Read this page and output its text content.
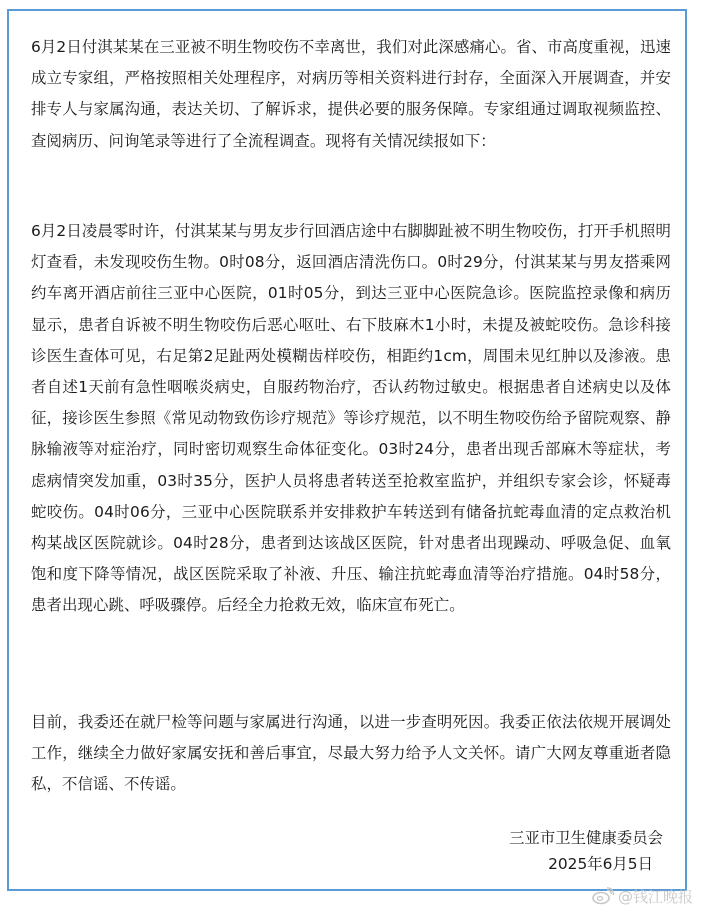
6月2日付淇某某在三亚被不明生物咬伤不幸离世，我们对此深感痛心。省、市高度重视，迅速成立专家组，严格按照相关处理程序，对病历等相关资料进行封存，全面深入开展调查，并安排专人与家属沟通，表达关切、了解诉求，提供必要的服务保障。专家组通过调取视频监控、查阅病历、问询笔录等进行了全流程调查。现将有关情况续报如下：

6月2日凌晨零时许，付淇某某与男友步行回酒店途中右脚脚趾被不明生物咬伤，打开手机照明灯查看，未发现咬伤生物。0时08分，返回酒店清洗伤口。0时29分，付淇某某与男友搭乘网约车离开酒店前往三亚中心医院，01时05分，到达三亚中心医院急诊。医院监控录像和病历显示，患者自诉被不明生物咬伤后恶心呕吐、右下肢麻木1小时，未提及被蛇咬伤。急诊科接诊医生查体可见，右足第2足趾两处模糊齿样咬伤，相距约1cm，周围未见红肿以及渗液。患者自述1天前有急性咽喉炎病史，自服药物治疗，否认药物过敏史。根据患者自述病史以及体征，接诊医生参照《常见动物致伤诊疗规范》等诊疗规范，以不明生物咬伤给予留院观察、静脉输液等对症治疗，同时密切观察生命体征变化。03时24分，患者出现舌部麻木等症状，考虑病情突发加重，03时35分，医护人员将患者转送至抢救室监护，并组织专家会诊，怀疑毒蛇咬伤。04时06分，三亚中心医院联系并安排救护车转送到有储备抗蛇毒血清的定点救治机构某战区医院就诊。04时28分，患者到达该战区医院，针对患者出现躁动、呼吸急促、血氧饱和度下降等情况，战区医院采取了补液、升压、输注抗蛇毒血清等治疗措施。04时58分，患者出现心跳、呼吸骤停。后经全力抢救无效，临床宣布死亡。

目前，我委还在就尸检等问题与家属进行沟通，以进一步查明死因。我委正依法依规开展调处工作，继续全力做好家属安抚和善后事宜，尽最大努力给予人文关怀。请广大网友尊重逝者隐私，不信谣、不传谣。

三亚市卫生健康委员会
2025年6月5日
@钱江晚报
